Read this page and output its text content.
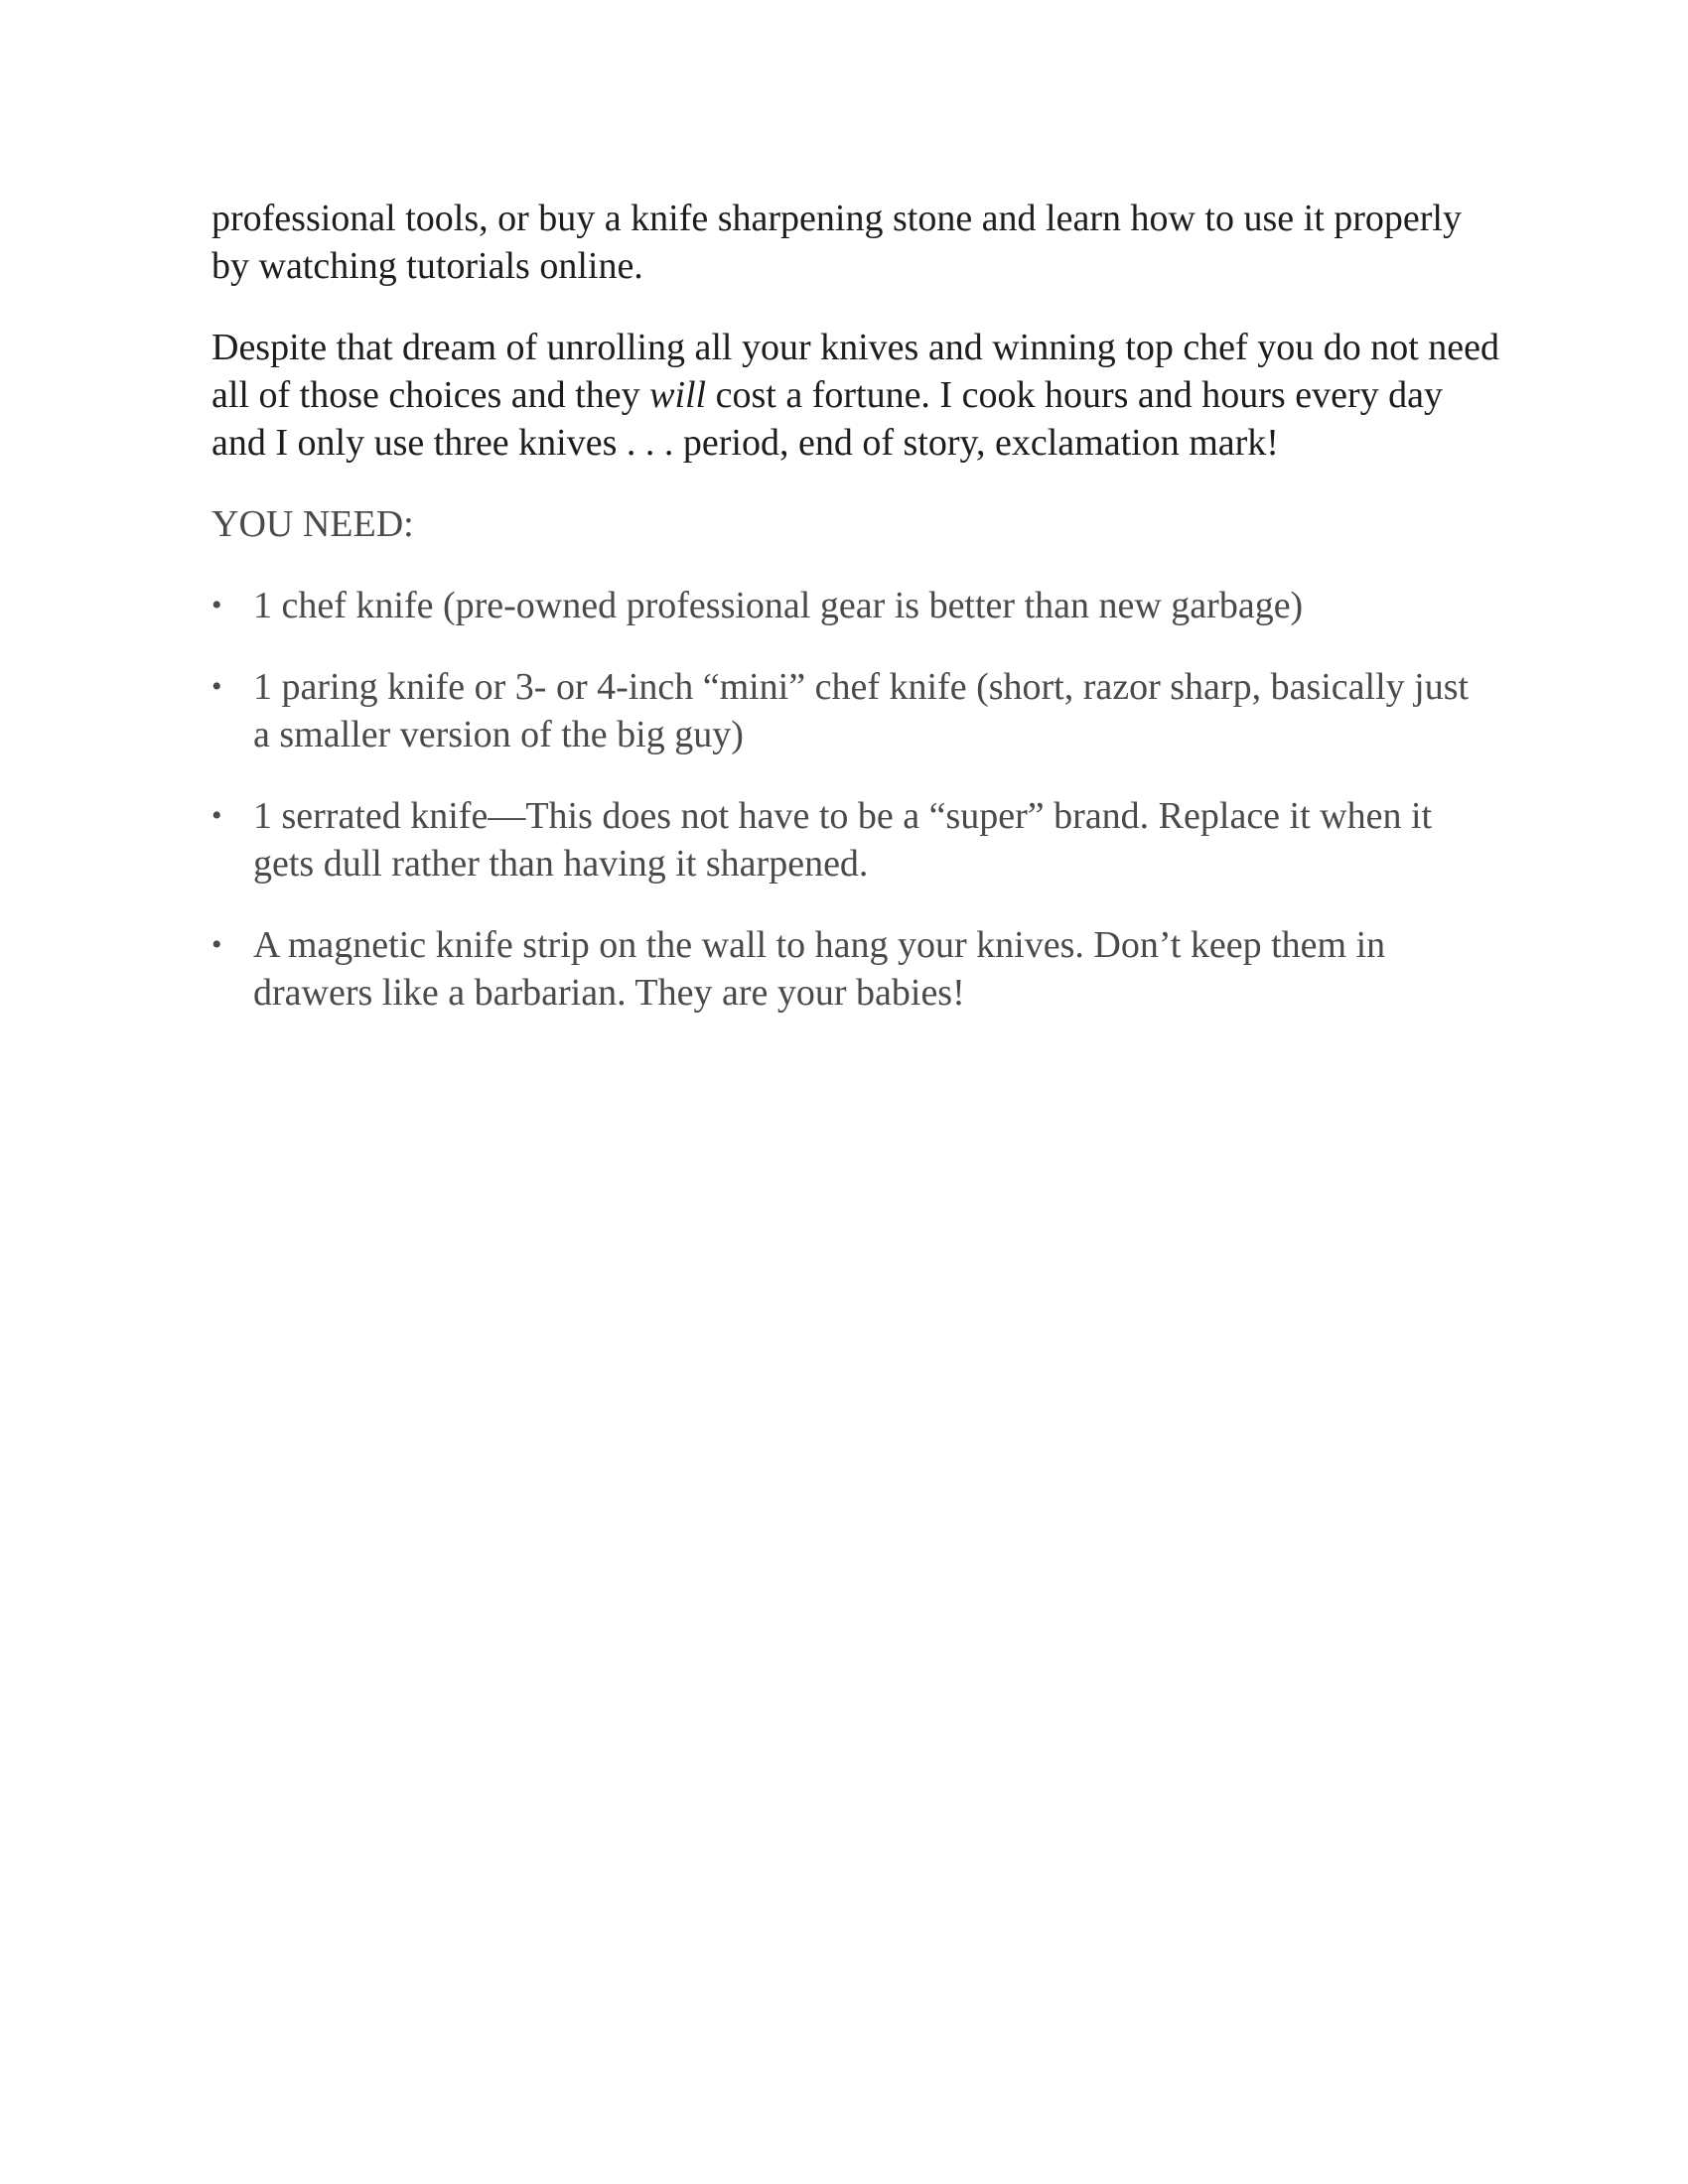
professional tools, or buy a knife sharpening stone and learn how to use it properly by watching tutorials online.

Despite that dream of unrolling all your knives and winning top chef you do not need all of those choices and they will cost a fortune. I cook hours and hours every day and I only use three knives . . . period, end of story, exclamation mark!

YOU NEED:

• 1 chef knife (pre-owned professional gear is better than new garbage)
• 1 paring knife or 3- or 4-inch “mini” chef knife (short, razor sharp, basically just a smaller version of the big guy)
• 1 serrated knife—This does not have to be a “super” brand. Replace it when it gets dull rather than having it sharpened.
• A magnetic knife strip on the wall to hang your knives. Don’t keep them in drawers like a barbarian. They are your babies!
